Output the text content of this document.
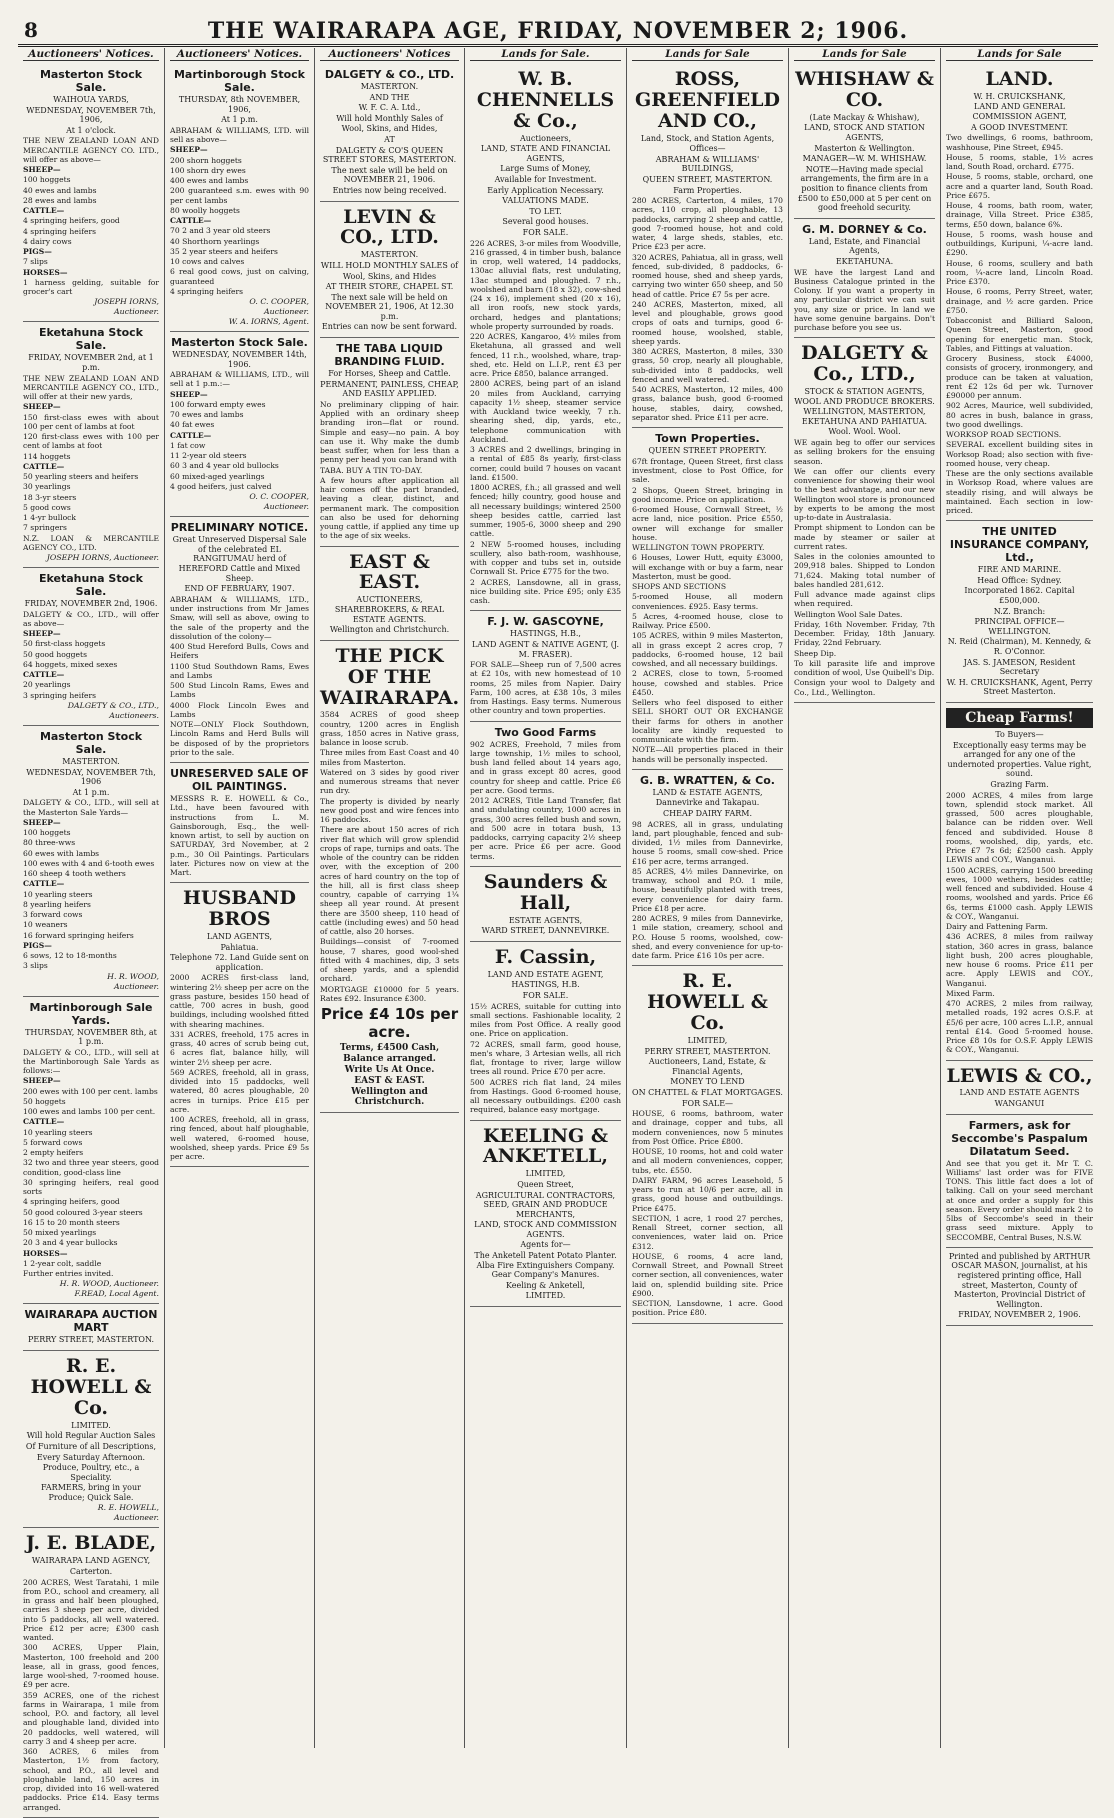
8	THE WAIRARAPA AGE, FRIDAY, NOVEMBER 2; 1906.
Auctioneers' Notices.
Masterton Stock Sale.
WAIHOUA YARDS,
WEDNESDAY, NOVEMBER 7th, 1906,
At 1 o'clock.

THE NEW ZEALAND LOAN AND MERCANTILE AGENCY CO. LTD., will offer as above—

SHEEP—

100 hoggets

40 ewes and lambs

28 ewes and lambs

CATTLE—

4 springing heifers, good

4 springing heifers

4 dairy cows

PIGS—

7 slips

HORSES—

1 harness gelding, suitable for grocer's cart

JOSEPH IORNS,
Auctioneer.
Eketahuna Stock Sale.
FRIDAY, NOVEMBER 2nd, at 1 p.m.

THE NEW ZEALAND LOAN AND MERCANTILE AGENCY CO., LTD., will offer at their new yards,

SHEEP—

150 first-class ewes with about 100 per cent of lambs at foot

120 first-class ewes with 100 per cent of lambs at foot

114 hoggets

CATTLE—

50 yearling steers and heifers

30 yearlings

18 3-yr steers

5 good cows

1 4-yr bullock

7 springers

N.Z. LOAN & MERCANTILE AGENCY CO., LTD.

JOSEPH IORNS, Auctioneer.
Eketahuna Stock Sale.
FRIDAY, NOVEMBER 2nd, 1906.

DALGETY & CO., LTD., will offer as above—

SHEEP—

50 first-class hoggets

50 good hoggets

64 hoggets, mixed sexes

CATTLE—

20 yearlings

3 springing heifers

DALGETY & CO., LTD.,
Auctioneers.
Masterton Stock Sale.
MASTERTON.
WEDNESDAY, NOVEMBER 7th, 1906
At 1 p.m.

DALGETY & CO., LTD., will sell at the Masterton Sale Yards—

SHEEP—

100 hoggets

80 three-wws

60 ewes with lambs

100 ewes with 4 and 6-tooth ewes

160 sheep 4 tooth wethers

CATTLE—

10 yearling steers

8 yearling heifers

3 forward cows

10 weaners

16 forward springing heifers

PIGS—

6 sows, 12 to 18-months

3 slips

H. R. WOOD,
Auctioneer.
Martinborough Sale Yards.
THURSDAY, NOVEMBER 8th, at 1 p.m.

DALGETY & CO., LTD., will sell at the Martinborough Sale Yards as follows:—

SHEEP—

200 ewes with 100 per cent. lambs

50 hoggets

100 ewes and lambs 100 per cent.

CATTLE—

10 yearling steers

5 forward cows

2 empty heifers

32 two and three year steers, good condition, good-class line

30 springing heifers, real good sorts

4 springing heifers, good

50 good coloured 3-year steers

16 15 to 20 month steers

50 mixed yearlings

20 3 and 4 year bullocks

HORSES—

1 2-year colt, saddle

Further entries invited.

H. R. WOOD, Auctioneer.
F.READ, Local Agent.
WAIRARAPA AUCTION MART
PERRY STREET, MASTERTON.
R. E. HOWELL & Co.
LIMITED.
Will hold Regular Auction Sales
Of Furniture of all Descriptions,
Every Saturday Afternoon.
Produce, Poultry, etc., a Speciality.
FARMERS, bring in your Produce; Quick Sale.
R. E. HOWELL,
Auctioneer.
J. E. BLADE,
WAIRARAPA LAND AGENCY,
Carterton.

200 ACRES, West Taratahi, 1 mile from P.O., school and creamery, all in grass and half been ploughed, carries 3 sheep per acre, divided into 5 paddocks, all well watered. Price £12 per acre; £300 cash wanted.

300 ACRES, Upper Plain, Masterton, 100 freehold and 200 lease, all in grass, good fences, large wool-shed, 7-roomed house. £9 per acre.

359 ACRES, one of the richest farms in Wairarapa, 1 mile from school, P.O. and factory, all level and ploughable land, divided into 20 paddocks, well watered, will carry 3 and 4 sheep per acre.

360 ACRES, 6 miles from Masterton, 1½ from factory, school, and P.O., all level and ploughable land, 150 acres in crop, divided into 16 well-watered paddocks. Price £14. Easy terms arranged.

Auctioneers' Notices.
Martinborough Stock Sale.
THURSDAY, 8th NOVEMBER, 1906,
At 1 p.m.

ABRAHAM & WILLIAMS, LTD. will sell as above—

SHEEP—

200 shorn hoggets

100 shorn dry ewes

400 ewes and lambs

200 guaranteed s.m. ewes with 90 per cent lambs

80 woolly hoggets

CATTLE—

70 2 and 3 year old steers

40 Shorthorn yearlings

35 2 year steers and heifers

10 cows and calves

6 real good cows, just on calving, guaranteed

4 springing heifers

O. C. COOPER,
Auctioneer.
W. A. IORNS, Agent.
Masterton Stock Sale.
WEDNESDAY, NOVEMBER 14th, 1906.

ABRAHAM & WILLIAMS, LTD., will sell at 1 p.m.:—

SHEEP—

100 forward empty ewes

70 ewes and lambs

40 fat ewes

CATTLE—

1 fat cow

11 2-year old steers

60 3 and 4 year old bullocks

60 mixed-aged yearlings

4 good heifers, just calved

O. C. COOPER,
Auctioneer.
PRELIMINARY NOTICE.
Great Unreserved Dispersal Sale of the celebrated EL RANGITUMAU herd of HEREFORD Cattle and Mixed Sheep.
END OF FEBRUARY, 1907.

ABRAHAM & WILLIAMS, LTD., under instructions from Mr James Smaw, will sell as above, owing to the sale of the property and the dissolution of the colony—

400 Stud Hereford Bulls, Cows and Heifers

1100 Stud Southdown Rams, Ewes and Lambs

500 Stud Lincoln Rams, Ewes and Lambs

4000 Flock Lincoln Ewes and Lambs

NOTE—ONLY Flock Southdown, Lincoln Rams and Herd Bulls will be disposed of by the proprietors prior to the sale.

UNRESERVED SALE OF OIL PAINTINGS.

MESSRS R. E. HOWELL & Co., Ltd., have been favoured with instructions from L. M. Gainsborough, Esq., the well-known artist, to sell by auction on SATURDAY, 3rd November, at 2 p.m., 30 Oil Paintings. Particulars later. Pictures now on view at the Mart.

HUSBAND BROS
LAND AGENTS,
Pahiatua.
Telephone 72. Land Guide sent on application.

2000 ACRES first-class land, wintering 2½ sheep per acre on the grass pasture, besides 150 head of cattle, 700 acres in bush, good buildings, including woolshed fitted with shearing machines.

331 ACRES, freehold, 175 acres in grass, 40 acres of scrub being cut, 6 acres flat, balance hilly, will winter 2½ sheep per acre.

569 ACRES, freehold, all in grass, divided into 15 paddocks, well watered, 80 acres ploughable, 20 acres in turnips. Price £15 per acre.

100 ACRES, freehold, all in grass, ring fenced, about half ploughable, well watered, 6-roomed house, woolshed, sheep yards. Price £9 5s per acre.

Auctioneers' Notices
DALGETY & CO., LTD.
MASTERTON.
AND THE
W. F. C. A. Ltd.,
Will hold Monthly Sales of
Wool, Skins, and Hides,
AT
DALGETY & CO'S QUEEN STREET STORES, MASTERTON.
The next sale will be held on NOVEMBER 21, 1906.
Entries now being received.
LEVIN & CO., LTD.
MASTERTON.
WILL HOLD MONTHLY SALES of
Wool, Skins, and Hides
AT THEIR STORE, CHAPEL ST.
The next sale will be held on NOVEMBER 21, 1906, At 12.30 p.m.
Entries can now be sent forward.
THE TABA LIQUID BRANDING FLUID.
For Horses, Sheep and Cattle.
PERMANENT, PAINLESS, CHEAP, AND EASILY APPLIED.

No preliminary clipping of hair. Applied with an ordinary sheep branding iron—flat or round. Simple and easy—no pain. A boy can use it. Why make the dumb beast suffer, when for less than a penny per head you can brand with

TABA. BUY A TIN TO-DAY.

A few hours after application all hair comes off the part branded, leaving a clear, distinct, and permanent mark. The composition can also be used for dehorning young cattle, if applied any time up to the age of six weeks.

EAST & EAST.
AUCTIONEERS, SHAREBROKERS, & REAL ESTATE AGENTS.
Wellington and Christchurch.
THE PICK OF THE WAIRARAPA.

3584 ACRES of good sheep country, 1200 acres in English grass, 1850 acres in Native grass, balance in loose scrub.

Three miles from East Coast and 40 miles from Masterton.

Watered on 3 sides by good river and numerous streams that never run dry.

The property is divided by nearly new good post and wire fences into 16 paddocks.

There are about 150 acres of rich river flat which will grow splendid crops of rape, turnips and oats. The whole of the country can be ridden over, with the exception of 200 acres of hard country on the top of the hill, all is first class sheep country, capable of carrying 1¼ sheep all year round. At present there are 3500 sheep, 110 head of cattle (including ewes) and 50 head of cattle, also 20 horses.

Buildings—consist of 7-roomed house, 7 shares, good wool-shed fitted with 4 machines, dip, 3 sets of sheep yards, and a splendid orchard.

MORTGAGE £10000 for 5 years. Rates £92. Insurance £300.

Price £4 10s per acre.
Terms, £4500 Cash,
Balance arranged.
Write Us At Once.
EAST & EAST.
Wellington and Christchurch.
Lands for Sale.
W. B. CHENNELLS & Co.,
Auctioneers,
LAND, STATE AND FINANCIAL AGENTS,
Large Sums of Money,
Available for Investment.
Early Application Necessary.
VALUATIONS MADE.
TO LET.
Several good houses.
FOR SALE.

226 ACRES, 3-or miles from Woodville, 216 grassed, 4 in timber bush, balance in crop, well watered, 14 paddocks, 130ac alluvial flats, rest undulating, 13ac stumped and ploughed. 7 r.h., woolshed and barn (18 x 32), cow-shed (24 x 16), implement shed (20 x 16), all iron roofs, new stock yards, orchard, hedges and plantations; whole property surrounded by roads.

220 ACRES, Kangaroo, 4½ miles from Eketahuna, all grassed and well fenced, 11 r.h., woolshed, whare, trap-shed, etc. Held on L.I.P., rent £3 per acre. Price £850, balance arranged.

2800 ACRES, being part of an island 20 miles from Auckland, carrying capacity 1½ sheep, steamer service with Auckland twice weekly, 7 r.h. shearing shed, dip, yards, etc., telephone communication with Auckland.

3 ACRES and 2 dwellings, bringing in a rental of £85 8s yearly, first-class corner, could build 7 houses on vacant land. £1500.

1800 ACRES, f.h.; all grassed and well fenced; hilly country, good house and all necessary buildings; wintered 2500 sheep besides cattle, carried last summer, 1905-6, 3000 sheep and 290 cattle.

2 NEW 5-roomed houses, including scullery, also bath-room, washhouse, with copper and tubs set in, outside Cornwall St. Price £775 for the two.

2 ACRES, Lansdowne, all in grass, nice building site. Price £95; only £35 cash.

F. J. W. GASCOYNE,
HASTINGS, H.B.,
LAND AGENT & NATIVE AGENT, (J. M. FRASER).

FOR SALE—Sheep run of 7,500 acres at £2 10s, with new homestead of 10 rooms, 25 miles from Napier. Dairy Farm, 100 acres, at £38 10s, 3 miles from Hastings. Easy terms. Numerous other country and town properties.

Two Good Farms

902 ACRES, Freehold, 7 miles from large township, 1½ miles to school, bush land felled about 14 years ago, and in grass except 80 acres, good country for sheep and cattle. Price £6 per acre. Good terms.

2012 ACRES, Title Land Transfer, flat and undulating country, 1000 acres in grass, 300 acres felled bush and sown, and 500 acre in totara bush, 13 paddocks, carrying capacity 2½ sheep per acre. Price £6 per acre. Good terms.

Saunders & Hall,
ESTATE AGENTS,
WARD STREET, DANNEVIRKE.
F. Cassin,
LAND AND ESTATE AGENT,
HASTINGS, H.B.
FOR SALE.

15½ ACRES, suitable for cutting into small sections. Fashionable locality, 2 miles from Post Office. A really good one. Price on application.

72 ACRES, small farm, good house, men's whare, 3 Artesian wells, all rich flat, frontage to river, large willow trees all round. Price £70 per acre.

500 ACRES rich flat land, 24 miles from Hastings. Good 6-roomed house, all necessary outbuildings. £200 cash required, balance easy mortgage.

KEELING & ANKETELL,
LIMITED,
Queen Street,
AGRICULTURAL CONTRACTORS, SEED, GRAIN AND PRODUCE MERCHANTS,
LAND, STOCK AND COMMISSION AGENTS.
Agents for—
The Anketell Patent Potato Planter. Alba Fire Extinguishers Company. Gear Company's Manures.
Keeling & Anketell,
LIMITED.
Lands for Sale
ROSS, GREENFIELD AND CO.,
Land, Stock, and Station Agents,
Offices—
ABRAHAM & WILLIAMS' BUILDINGS,
QUEEN STREET, MASTERTON.
Farm Properties.

280 ACRES, Carterton, 4 miles, 170 acres, 110 crop, all ploughable, 13 paddocks, carrying 2 sheep and cattle, good 7-roomed house, hot and cold water, 4 large sheds, stables, etc. Price £23 per acre.

320 ACRES, Pahiatua, all in grass, well fenced, sub-divided, 8 paddocks, 6-roomed house, shed and sheep yards, carrying two winter 650 sheep, and 50 head of cattle. Price £7 5s per acre.

240 ACRES, Masterton, mixed, all level and ploughable, grows good crops of oats and turnips, good 6-roomed house, woolshed, stable, sheep yards.

380 ACRES, Masterton, 8 miles, 330 grass, 50 crop, nearly all ploughable, sub-divided into 8 paddocks, well fenced and well watered.

540 ACRES, Masterton, 12 miles, 400 grass, balance bush, good 6-roomed house, stables, dairy, cowshed, separator shed. Price £11 per acre.

Town Properties.
QUEEN STREET PROPERTY.

67ft frontage, Queen Street, first class investment, close to Post Office, for sale.

2 Shops, Queen Street, bringing in good income. Price on application.

6-roomed House, Cornwall Street, ½ acre land, nice position. Price £550, owner will exchange for smaller house.

WELLINGTON TOWN PROPERTY.

6 Houses, Lower Hutt, equity £3000, will exchange with or buy a farm, near Masterton, must be good.

SHOPS AND SECTIONS

5-roomed House, all modern conveniences. £925. Easy terms.

5 Acres, 4-roomed house, close to Railway. Price £500.

105 ACRES, within 9 miles Masterton, all in grass except 2 acres crop, 7 paddocks, 6-roomed house, 12 bail cowshed, and all necessary buildings.

2 ACRES, close to town, 5-roomed house, cowshed and stables. Price £450.

Sellers who feel disposed to either SELL SHORT OUT OR EXCHANGE their farms for others in another locality are kindly requested to communicate with the firm.

NOTE—All properties placed in their hands will be personally inspected.

G. B. WRATTEN, & Co.
LAND & ESTATE AGENTS,
Dannevirke and Takapau.
CHEAP DAIRY FARM.

98 ACRES, all in grass, undulating land, part ploughable, fenced and sub-divided, 1½ miles from Dannevirke, house 5 rooms, small cow-shed. Price £16 per acre, terms arranged.

85 ACRES, 4½ miles Dannevirke, on tramway, school and P.O. 1 mile, house, beautifully planted with trees, every convenience for dairy farm. Price £18 per acre.

280 ACRES, 9 miles from Dannevirke, 1 mile station, creamery, school and P.O. House 5 rooms, woolshed, cow-shed, and every convenience for up-to-date farm. Price £16 10s per acre.

R. E. HOWELL & Co.
LIMITED,
PERRY STREET, MASTERTON.
Auctioneers, Land, Estate, & Financial Agents,
MONEY TO LEND
ON CHATTEL & FLAT MORTGAGES.
FOR SALE—

HOUSE, 6 rooms, bathroom, water and drainage, copper and tubs, all modern conveniences, now 5 minutes from Post Office. Price £800.

HOUSE, 10 rooms, hot and cold water and all modern conveniences, copper, tubs, etc. £550.

DAIRY FARM, 96 acres Leasehold, 5 years to run at 10/6 per acre, all in grass, good house and outbuildings. Price £475.

SECTION, 1 acre, 1 rood 27 perches, Renall Street, corner section, all conveniences, water laid on. Price £312.

HOUSE, 6 rooms, 4 acre land, Cornwall Street, and Pownall Street corner section, all conveniences, water laid on, splendid building site. Price £900.

SECTION, Lansdowne, 1 acre. Good position. Price £80.

Lands for Sale
WHISHAW & CO.
(Late Mackay & Whishaw),
LAND, STOCK AND STATION AGENTS,
Masterton & Wellington.
MANAGER—W. M. WHISHAW.
NOTE—Having made special arrangements, the firm are in a position to finance clients from £500 to £50,000 at 5 per cent on good freehold security.
G. M. DORNEY & Co.
Land, Estate, and Financial Agents,
EKETAHUNA.

WE have the largest Land and Business Catalogue printed in the Colony. If you want a property in any particular district we can suit you, any size or price. In land we have some genuine bargains. Don't purchase before you see us.

DALGETY & Co., LTD.,
STOCK & STATION AGENTS, WOOL AND PRODUCE BROKERS.
WELLINGTON, MASTERTON, EKETAHUNA AND PAHIATUA.
Wool. Wool. Wool.

WE again beg to offer our services as selling brokers for the ensuing season.

We can offer our clients every convenience for showing their wool to the best advantage, and our new Wellington wool store is pronounced by experts to be among the most up-to-date in Australasia.

Prompt shipment to London can be made by steamer or sailer at current rates.

Sales in the colonies amounted to 209,918 bales. Shipped to London 71,624. Making total number of bales handled 281,612.

Full advance made against clips when required.

Wellington Wool Sale Dates.

Friday, 16th November. Friday, 7th December. Friday, 18th January. Friday, 22nd February.

Sheep Dip.

To kill parasite life and improve condition of wool, Use Quibell's Dip.

Consign your wool to Dalgety and Co., Ltd., Wellington.

Lands for Sale
LAND.
W. H. CRUICKSHANK,
LAND AND GENERAL COMMISSION AGENT,
A GOOD INVESTMENT.

Two dwellings, 6 rooms, bathroom, washhouse, Pine Street, £945.

House, 5 rooms, stable, 1½ acres land, South Road, orchard. £775.

House, 5 rooms, stable, orchard, one acre and a quarter land, South Road. Price £675.

House, 4 rooms, bath room, water, drainage, Villa Street. Price £385, terms, £50 down, balance 6%.

House, 5 rooms, wash house and outbuildings, Kuripuni, ¼-acre land. £290.

House, 6 rooms, scullery and bath room, ¼-acre land, Lincoln Road. Price £370.

House, 6 rooms, Perry Street, water, drainage, and ½ acre garden. Price £750.

Tobacconist and Billiard Saloon, Queen Street, Masterton, good opening for energetic man. Stock, Tables, and Fittings at valuation.

Grocery Business, stock £4000, consists of grocery, ironmongery, and produce can be taken at valuation, rent £2 12s 6d per wk. Turnover £90000 per annum.

902 Acres, Maurice, well subdivided, 80 acres in bush, balance in grass, two good dwellings.

WORKSOP ROAD SECTIONS.

SEVERAL excellent building sites in Worksop Road; also section with five-roomed house, very cheap.

These are the only sections available in Worksop Road, where values are steadily rising, and will always be maintained. Each section in low-priced.

THE UNITED INSURANCE COMPANY, Ltd.,
FIRE AND MARINE.
Head Office: Sydney.
Incorporated 1862. Capital £500,000.
N.Z. Branch:
PRINCIPAL OFFICE—WELLINGTON.
N. Reid (Chairman), M. Kennedy, & R. O'Connor.
JAS. S. JAMESON, Resident Secretary
W. H. CRUICKSHANK, Agent, Perry Street Masterton.
Cheap Farms!
To Buyers—
Exceptionally easy terms may be arranged for any one of the undernoted properties. Value right, sound.
Grazing Farm.

2000 ACRES, 4 miles from large town, splendid stock market. All grassed, 500 acres ploughable, balance can be ridden over. Well fenced and subdivided. House 8 rooms, woolshed, dip, yards, etc. Price £7 7s 6d; £2500 cash. Apply LEWIS and COY., Wanganui.

1500 ACRES, carrying 1500 breeding ewes, 1000 wethers, besides cattle; well fenced and subdivided. House 4 rooms, woolshed and yards. Price £6 6s, terms £1000 cash. Apply LEWIS & COY., Wanganui.

Dairy and Fattening Farm.

436 ACRES, 8 miles from railway station, 360 acres in grass, balance light bush, 200 acres ploughable, new house 6 rooms. Price £11 per acre. Apply LEWIS and COY., Wanganui.

Mixed Farm.

470 ACRES, 2 miles from railway, metalled roads, 192 acres O.S.F. at £5/6 per acre, 100 acres L.I.P., annual rental £14. Good 5-roomed house. Price £8 10s for O.S.F. Apply LEWIS & COY., Wanganui.

LEWIS & CO.,
LAND AND ESTATE AGENTS
WANGANUI
Farmers, ask for Seccombe's Paspalum Dilatatum Seed.

And see that you get it. Mr T. C. Williams' last order was for FIVE TONS. This little fact does a lot of talking. Call on your seed merchant at once and order a supply for this season. Every order should mark 2 to 5lbs of Seccombe's seed in their grass seed mixture. Apply to SECCOMBE, Central Buses, N.S.W.

Printed and published by ARTHUR OSCAR MASON, journalist, at his registered printing office, Hall street, Masterton, County of Masterton, Provincial District of Wellington.
FRIDAY, NOVEMBER 2, 1906.
